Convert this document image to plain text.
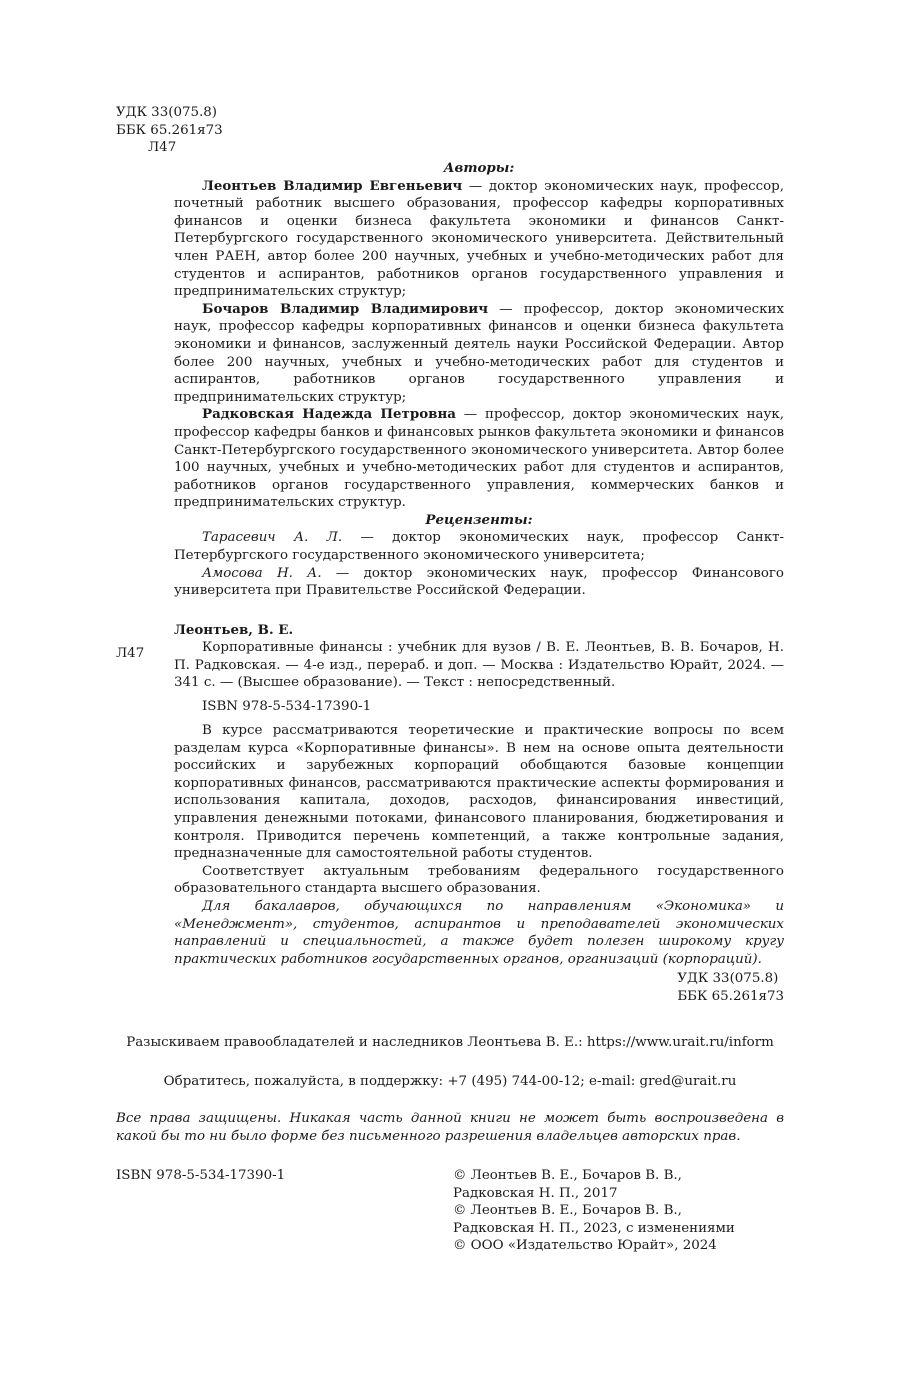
УДК 33(075.8)
ББК 65.261я73
Л47
Авторы:

Леонтьев Владимир Евгеньевич — доктор экономических наук, профессор, почетный работник высшего образования, профессор кафедры корпоративных финансов и оценки бизнеса факультета экономики и финансов Санкт-Петербургского государственного экономического университета. Действительный член РАЕН, автор более 200 научных, учебных и учебно-методических работ для студентов и аспирантов, работников органов государственного управления и предпринимательских структур;

Бочаров Владимир Владимирович — профессор, доктор экономических наук, профессор кафедры корпоративных финансов и оценки бизнеса факультета экономики и финансов, заслуженный деятель науки Российской Федерации. Автор более 200 научных, учебных и учебно-методических работ для студентов и аспирантов, работников органов государственного управления и предпринимательских структур;

Радковская Надежда Петровна — профессор, доктор экономических наук, профессор кафедры банков и финансовых рынков факультета экономики и финансов Санкт-Петербургского государственного экономического университета. Автор более 100 научных, учебных и учебно-методических работ для студентов и аспирантов, работников органов государственного управления, коммерческих банков и предпринимательских структур.

Рецензенты:

Тарасевич А. Л. — доктор экономических наук, профессор Санкт-Петербургского государственного экономического университета;

Амосова Н. А. — доктор экономических наук, профессор Финансового университета при Правительстве Российской Федерации.

Леонтьев, В. Е.
Л47	Корпоративные финансы : учебник для вузов / В. Е. Леонтьев, В. В. Бочаров, Н. П. Радковская. — 4-е изд., перераб. и доп. — Москва : Издательство Юрайт, 2024. — 341 с. — (Высшее образование). — Текст : непосредственный.

ISBN 978-5-534-17390-1

В курсе рассматриваются теоретические и практические вопросы по всем разделам курса «Корпоративные финансы». В нем на основе опыта деятельности российских и зарубежных корпораций обобщаются базовые концепции корпоративных финансов, рассматриваются практические аспекты формирования и использования капитала, доходов, расходов, финансирования инвестиций, управления денежными потоками, финансового планирования, бюджетирования и контроля. Приводится перечень компетенций, а также контрольные задания, предназначенные для самостоятельной работы студентов.

Соответствует актуальным требованиям федерального государственного образовательного стандарта высшего образования.

Для бакалавров, обучающихся по направлениям «Экономика» и «Менеджмент», студентов, аспирантов и преподавателей экономических направлений и специальностей, а также будет полезен широкому кругу практических работников государственных органов, организаций (корпораций).

УДК 33(075.8)
ББК 65.261я73
Разыскиваем правообладателей и наследников Леонтьева В. Е.: https://www.urait.ru/inform
Обратитесь, пожалуйста, в поддержку: +7 (495) 744-00-12; e-mail: gred@urait.ru
Все права защищены. Никакая часть данной книги не может быть воспроизведена в какой бы то ни было форме без письменного разрешения владельцев авторских прав.
ISBN 978-5-534-17390-1	© Леонтьев В. Е., Бочаров В. В.,
Радковская Н. П., 2017
© Леонтьев В. Е., Бочаров В. В.,
Радковская Н. П., 2023, с изменениями
© ООО «Издательство Юрайт», 2024
